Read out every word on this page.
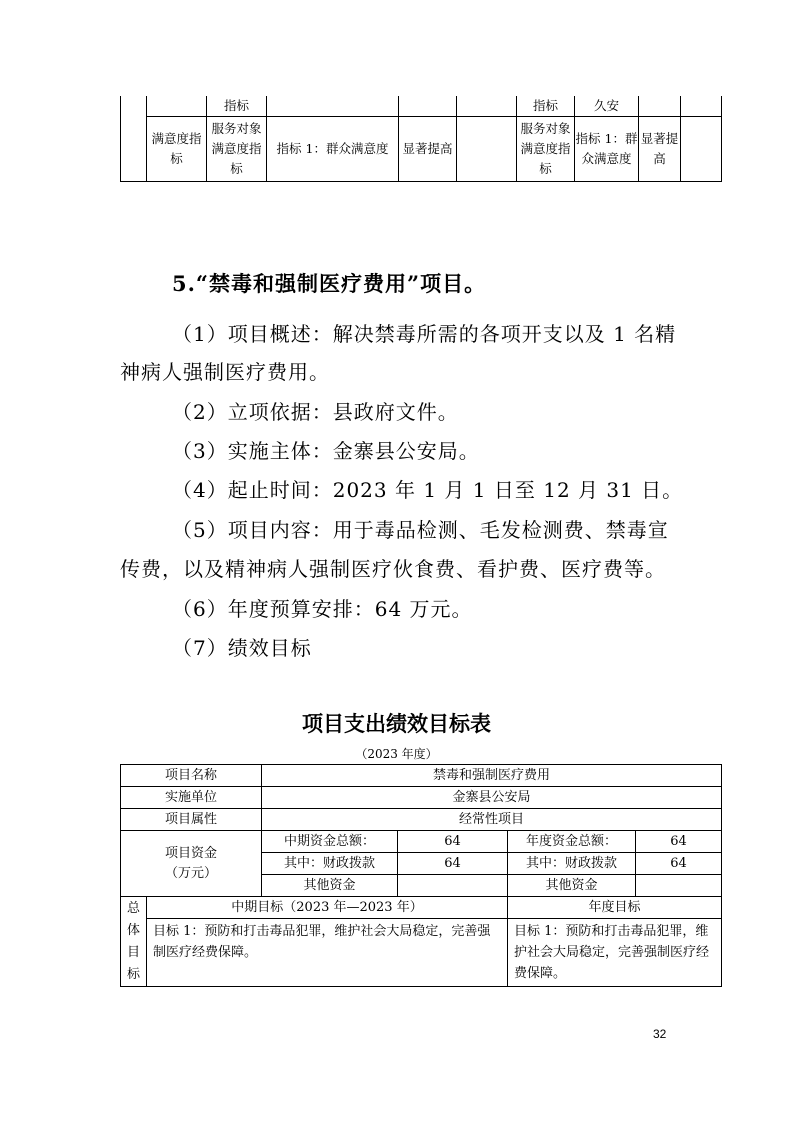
		指标				指标	久安		
	满意度指标	服务对象满意度指标	指标 1：群众满意度	显著提高		服务对象满意度指标	指标 1：群众满意度	显著提高	
5.“禁毒和强制医疗费用”项目。
（1）项目概述：解决禁毒所需的各项开支以及 1 名精
神病人强制医疗费用。
（2）立项依据：县政府文件。
（3）实施主体：金寨县公安局。
（4）起止时间：2023 年 1 月 1 日至 12 月 31 日。
（5）项目内容：用于毒品检测、毛发检测费、禁毒宣
传费，以及精神病人强制医疗伙食费、看护费、医疗费等。
（6）年度预算安排：64 万元。
（7）绩效目标
项目支出绩效目标表
（2023 年度）
项目名称		禁毒和强制医疗费用			
实施单位		金寨县公安局			
项目属性		经常性项目			

项目资金
（万元）		中期资金总额：	64	年度资金总额：	64
		其中：财政拨款	64	其中：财政拨款	64
		其他资金		其他资金	
总体目标	中期目标（2023 年—2023 年）			年度目标	
	目标 1：预防和打击毒品犯罪，维护社会大局稳定，完善强制医疗经费保障。			目标 1：预防和打击毒品犯罪，维护社会大局稳定，完善强制医疗经费保障。	
32
